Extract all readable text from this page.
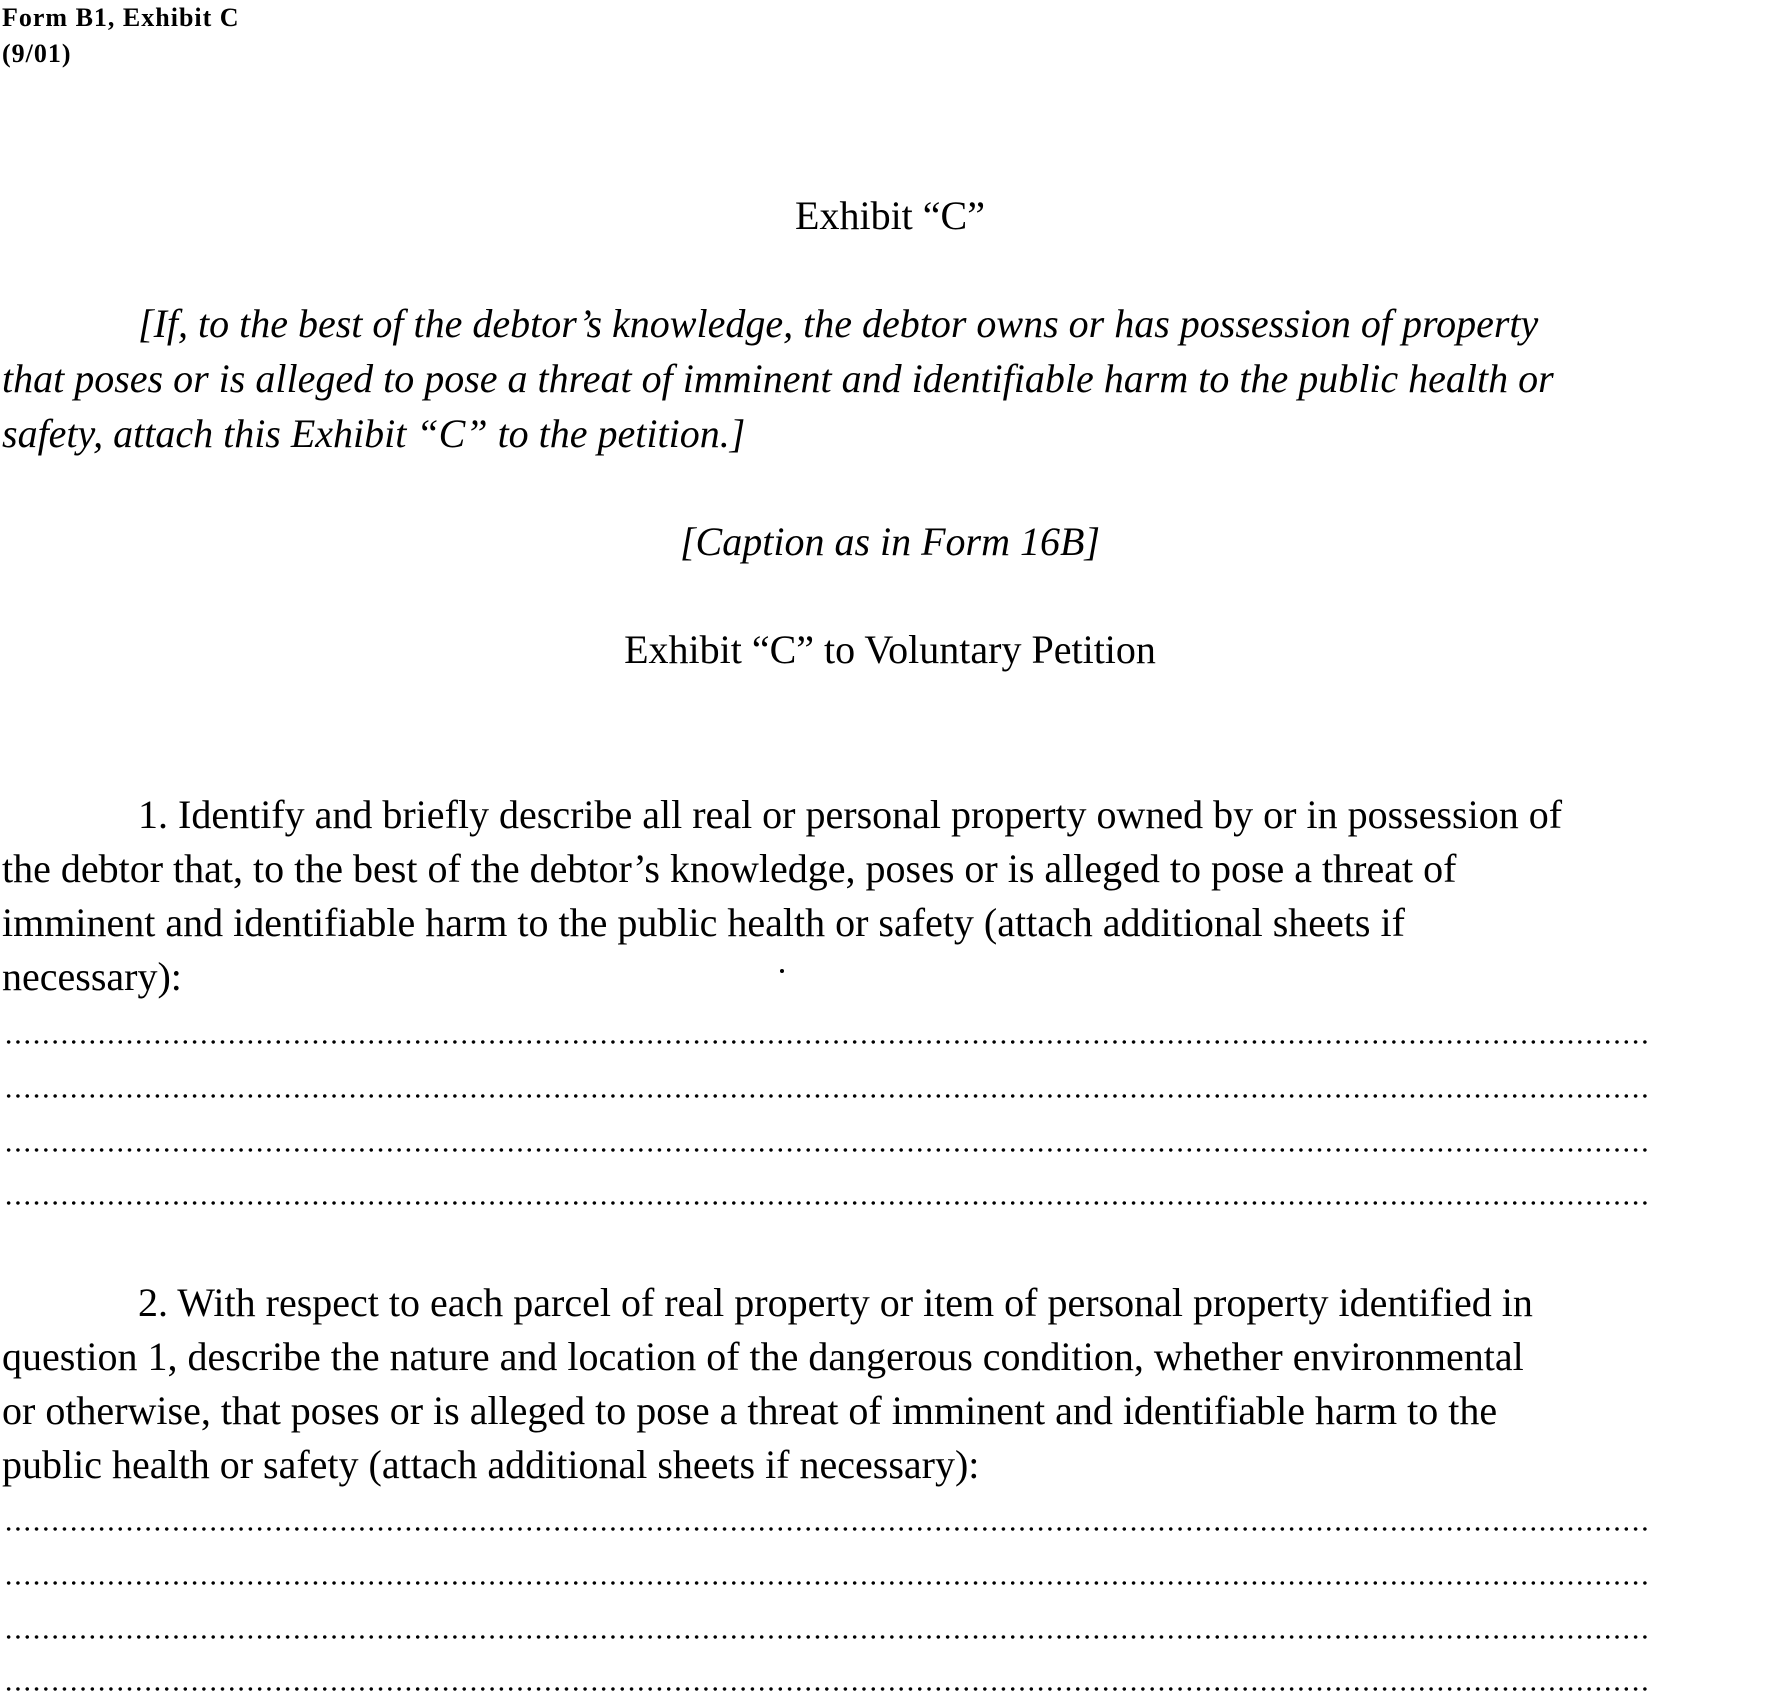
Form B1, Exhibit C
(9/01)
Exhibit “C”
[If, to the best of the debtor’s knowledge, the debtor owns or has possession of property
that poses or is alleged to pose a threat of imminent and identifiable harm to the public health or
safety, attach this Exhibit “C” to the petition.]
[Caption as in Form 16B]
Exhibit “C” to Voluntary Petition
1. Identify and briefly describe all real or personal property owned by or in possession of
the debtor that, to the best of the debtor’s knowledge, poses or is alleged to pose a threat of
imminent and identifiable harm to the public health or safety (attach additional sheets if
necessary):
2. With respect to each parcel of real property or item of personal property identified in
question 1, describe the nature and location of the dangerous condition, whether environmental
or otherwise, that poses or is alleged to pose a threat of imminent and identifiable harm to the
public health or safety (attach additional sheets if necessary):
